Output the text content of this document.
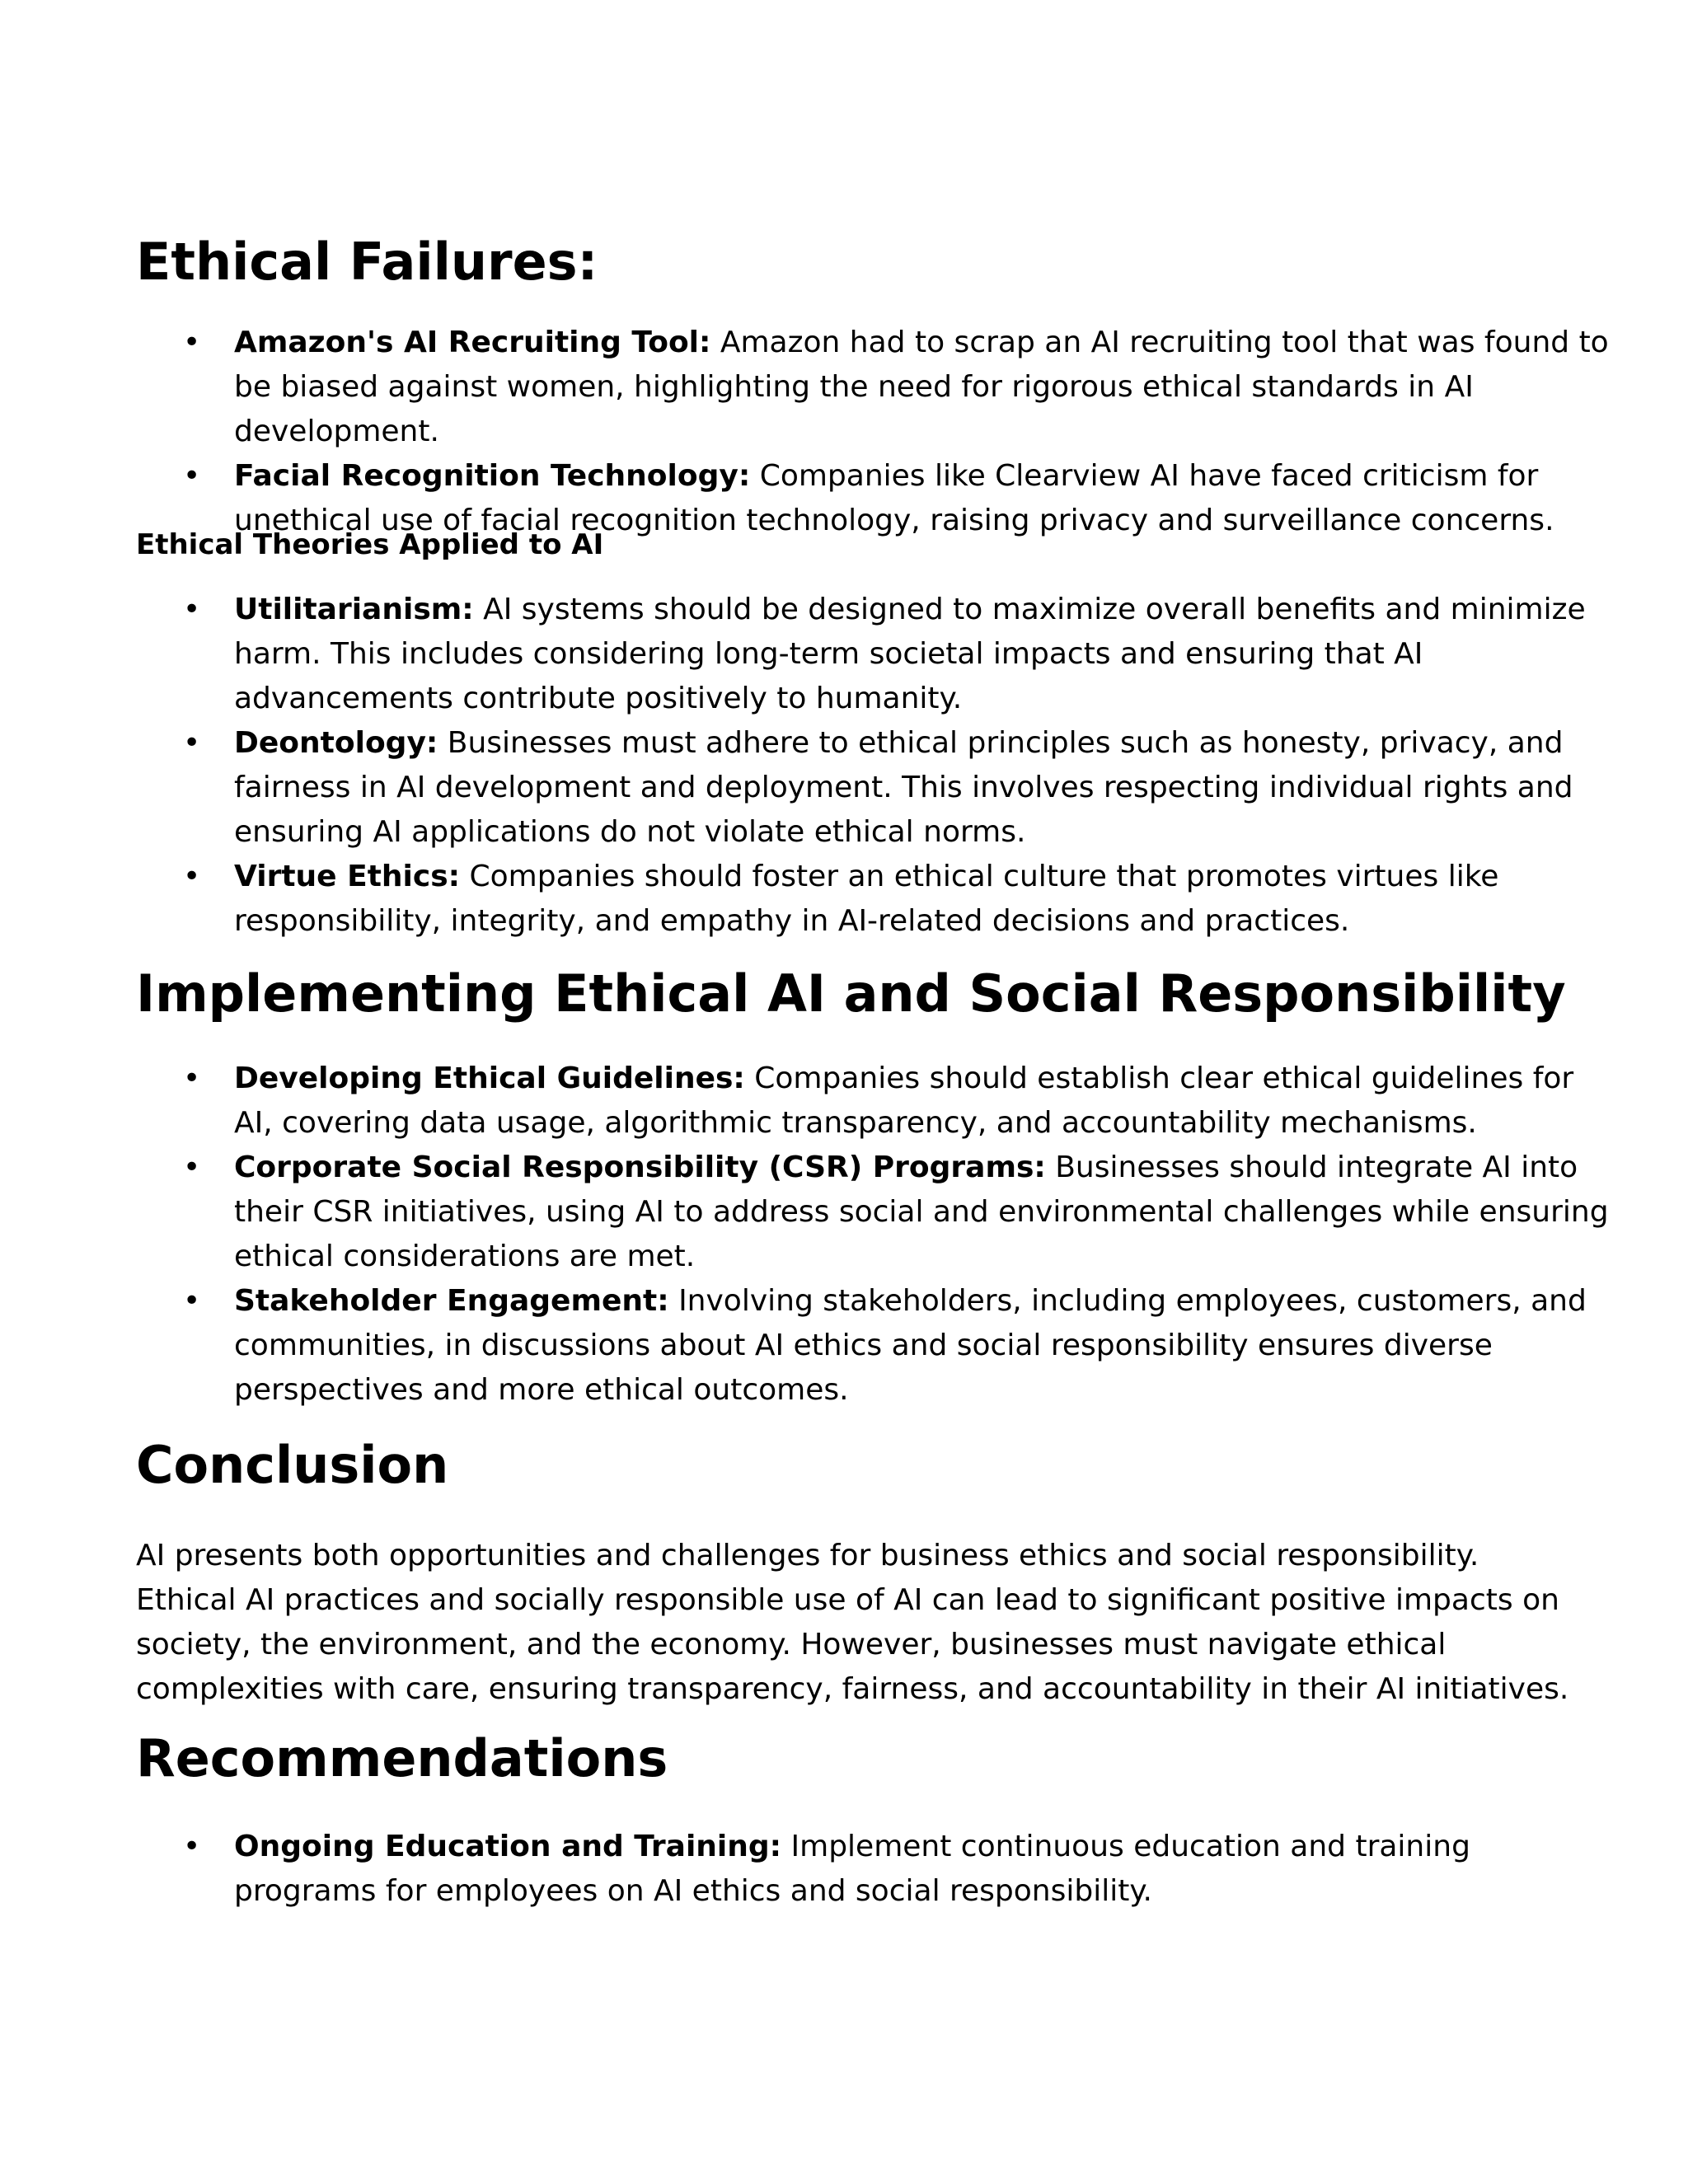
Ethical Failures:
• Amazon's AI Recruiting Tool: Amazon had to scrap an AI recruiting tool that was found to be biased against women, highlighting the need for rigorous ethical standards in AI development.
• Facial Recognition Technology: Companies like Clearview AI have faced criticism for unethical use of facial recognition technology, raising privacy and surveillance concerns.
Ethical Theories Applied to AI
• Utilitarianism: AI systems should be designed to maximize overall benefits and minimize harm. This includes considering long-term societal impacts and ensuring that AI advancements contribute positively to humanity.
• Deontology: Businesses must adhere to ethical principles such as honesty, privacy, and fairness in AI development and deployment. This involves respecting individual rights and ensuring AI applications do not violate ethical norms.
• Virtue Ethics: Companies should foster an ethical culture that promotes virtues like responsibility, integrity, and empathy in AI-related decisions and practices.
Implementing Ethical AI and Social Responsibility
• Developing Ethical Guidelines: Companies should establish clear ethical guidelines for AI, covering data usage, algorithmic transparency, and accountability mechanisms.
• Corporate Social Responsibility (CSR) Programs: Businesses should integrate AI into their CSR initiatives, using AI to address social and environmental challenges while ensuring ethical considerations are met.
• Stakeholder Engagement: Involving stakeholders, including employees, customers, and communities, in discussions about AI ethics and social responsibility ensures diverse perspectives and more ethical outcomes.
Conclusion

AI presents both opportunities and challenges for business ethics and social responsibility. Ethical AI practices and socially responsible use of AI can lead to significant positive impacts on society, the environment, and the economy. However, businesses must navigate ethical complexities with care, ensuring transparency, fairness, and accountability in their AI initiatives.

Recommendations
• Ongoing Education and Training: Implement continuous education and training programs for employees on AI ethics and social responsibility.
